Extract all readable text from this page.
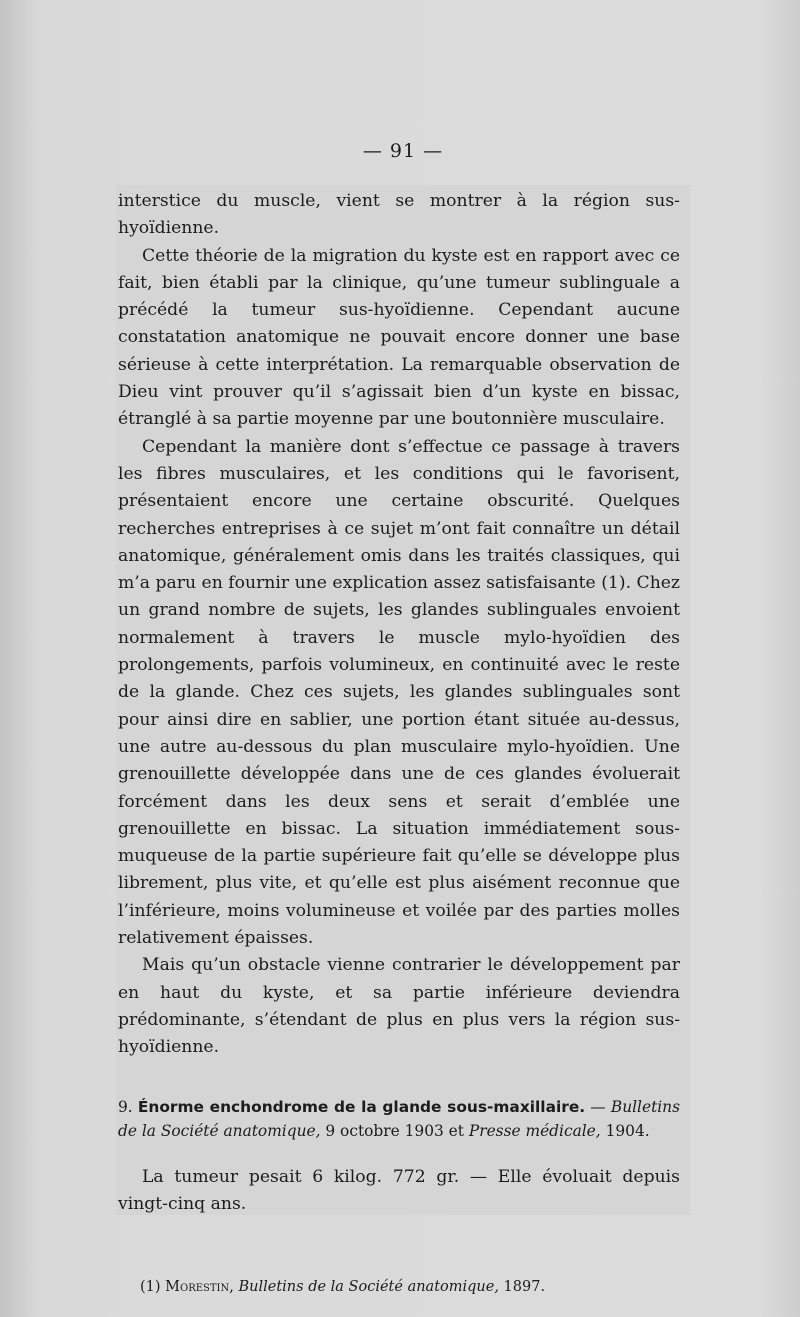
— 91 —

interstice du muscle, vient se montrer à la région sus-hyoïdienne.

Cette théorie de la migration du kyste est en rapport avec ce fait, bien établi par la clinique, qu’une tumeur sublinguale a précédé la tumeur sus-hyoïdienne. Cependant aucune constatation anatomique ne pouvait encore donner une base sérieuse à cette interprétation. La remarquable observation de Dieu vint prouver qu’il s’agissait bien d’un kyste en bissac, étranglé à sa partie moyenne par une boutonnière musculaire.

Cependant la manière dont s’effectue ce passage à travers les fibres musculaires, et les conditions qui le favorisent, présentaient encore une certaine obscurité. Quelques recherches entreprises à ce sujet m’ont fait connaître un détail anatomique, généralement omis dans les traités classiques, qui m’a paru en fournir une explication assez satisfaisante (1). Chez un grand nombre de sujets, les glandes sublinguales envoient normalement à travers le muscle mylo-hyoïdien des prolongements, parfois volumineux, en continuité avec le reste de la glande. Chez ces sujets, les glandes sublinguales sont pour ainsi dire en sablier, une portion étant située au-dessus, une autre au-dessous du plan musculaire mylo-hyoïdien. Une grenouillette développée dans une de ces glandes évoluerait forcément dans les deux sens et serait d’emblée une grenouillette en bissac. La situation immédiatement sous-muqueuse de la partie supérieure fait qu’elle se développe plus librement, plus vite, et qu’elle est plus aisément reconnue que l’inférieure, moins volumineuse et voilée par des parties molles relativement épaisses.

Mais qu’un obstacle vienne contrarier le développement par en haut du kyste, et sa partie inférieure deviendra prédominante, s’étendant de plus en plus vers la région sus-hyoïdienne.

9. Énorme enchondrome de la glande sous-maxillaire. — Bulletins de la Société anatomique, 9 octobre 1903 et Presse médicale, 1904.

La tumeur pesait 6 kilog. 772 gr. — Elle évoluait depuis vingt-cinq ans.

(1) Morestin, Bulletins de la Société anatomique, 1897.
